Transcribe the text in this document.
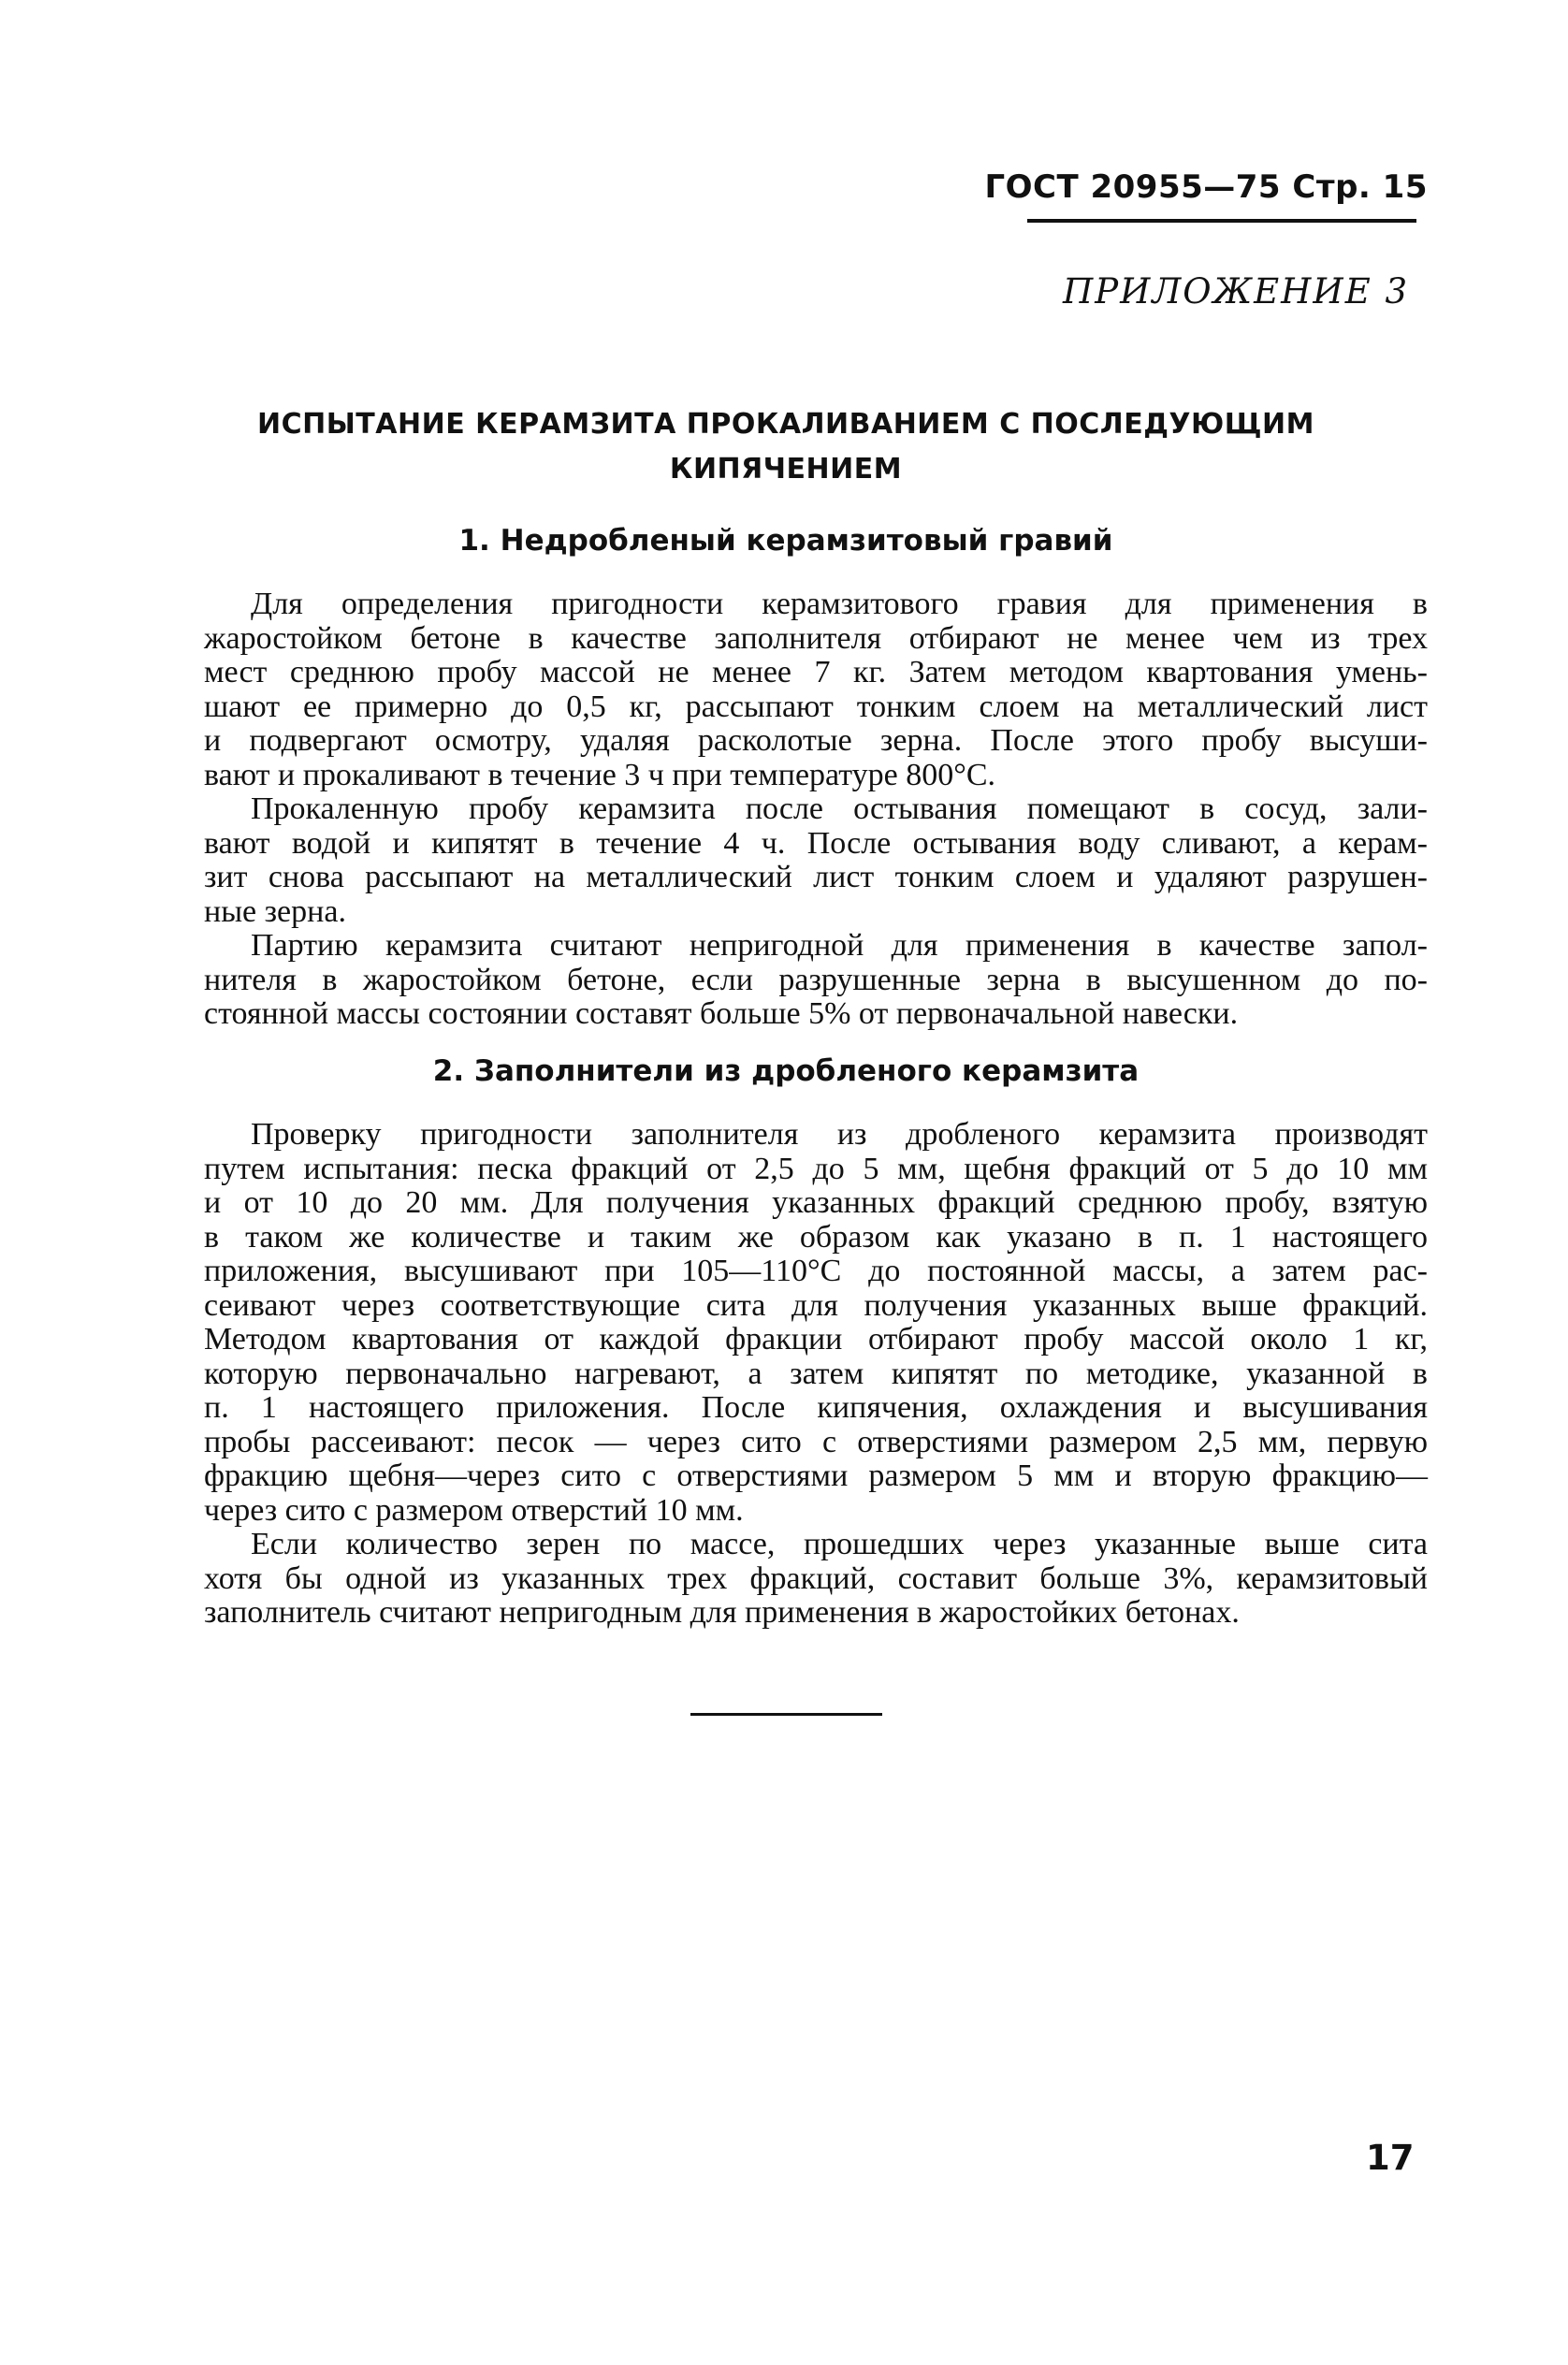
ГОСТ 20955—75 Стр. 15
ПРИЛОЖЕНИЕ 3
ИСПЫТАНИЕ КЕРАМЗИТА ПРОКАЛИВАНИЕМ С ПОСЛЕДУЮЩИМ
КИПЯЧЕНИЕМ
1. Недробленый керамзитовый гравий
Для определения пригодности керамзитового гравия для применения в
жаростойком бетоне в качестве заполнителя отбирают не менее чем из трех
мест среднюю пробу массой не менее 7 кг. Затем методом квартования умень-
шают ее примерно до 0,5 кг, рассыпают тонким слоем на металлический лист
и подвергают осмотру, удаляя расколотые зерна. После этого пробу высуши-
вают и прокаливают в течение 3 ч при температуре 800°С.
Прокаленную пробу керамзита после остывания помещают в сосуд, зали-
вают водой и кипятят в течение 4 ч. После остывания воду сливают, а керам-
зит снова рассыпают на металлический лист тонким слоем и удаляют разрушен-
ные зерна.
Партию керамзита считают непригодной для применения в качестве запол-
нителя в жаростойком бетоне, если разрушенные зерна в высушенном до по-
стоянной массы состоянии составят больше 5% от первоначальной навески.
2. Заполнители из дробленого керамзита
Проверку пригодности заполнителя из дробленого керамзита производят
путем испытания: песка фракций от 2,5 до 5 мм, щебня фракций от 5 до 10 мм
и от 10 до 20 мм. Для получения указанных фракций среднюю пробу, взятую
в таком же количестве и таким же образом как указано в п. 1 настоящего
приложения, высушивают при 105—110°С до постоянной массы, а затем рас-
сеивают через соответствующие сита для получения указанных выше фракций.
Методом квартования от каждой фракции отбирают пробу массой около 1 кг,
которую первоначально нагревают, а затем кипятят по методике, указанной в
п. 1 настоящего приложения. После кипячения, охлаждения и высушивания
пробы рассеивают: песок — через сито с отверстиями размером 2,5 мм, первую
фракцию щебня—через сито с отверстиями размером 5 мм и вторую фракцию—
через сито с размером отверстий 10 мм.
Если количество зерен по массе, прошедших через указанные выше сита
хотя бы одной из указанных трех фракций, составит больше 3%, керамзитовый
заполнитель считают непригодным для применения в жаростойких бетонах.
17
